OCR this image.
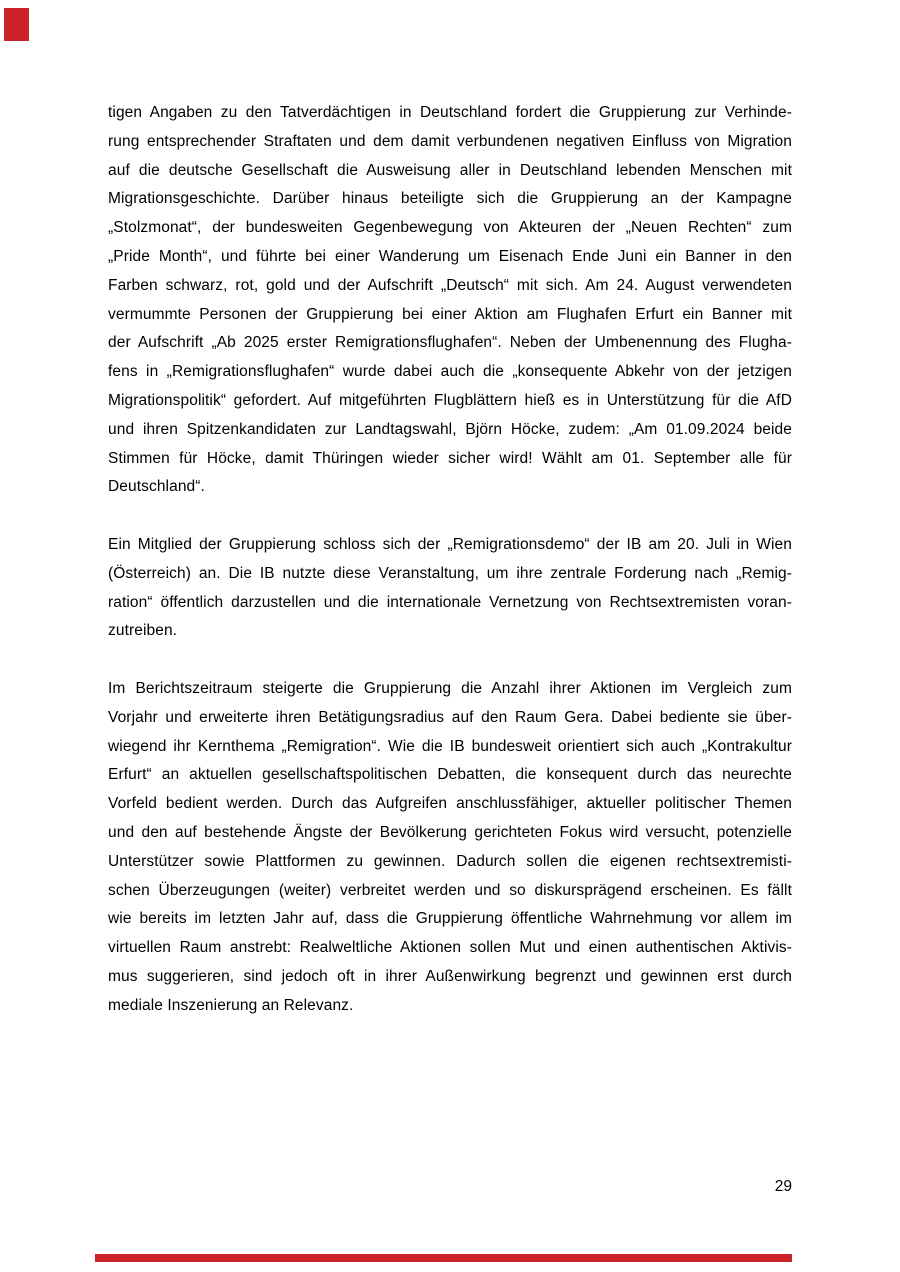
tigen Angaben zu den Tatverdächtigen in Deutschland fordert die Gruppierung zur Verhinde-
rung entsprechender Straftaten und dem damit verbundenen negativen Einfluss von Migration
auf die deutsche Gesellschaft die Ausweisung aller in Deutschland lebenden Menschen mit
Migrationsgeschichte. Darüber hinaus beteiligte sich die Gruppierung an der Kampagne
„Stolzmonat“, der bundesweiten Gegenbewegung von Akteuren der „Neuen Rechten“ zum
„Pride Month“, und führte bei einer Wanderung um Eisenach Ende Juni ein Banner in den
Farben schwarz, rot, gold und der Aufschrift „Deutsch“ mit sich. Am 24. August verwendeten
vermummte Personen der Gruppierung bei einer Aktion am Flughafen Erfurt ein Banner mit
der Aufschrift „Ab 2025 erster Remigrationsflughafen“. Neben der Umbenennung des Flugha-
fens in „Remigrationsflughafen“ wurde dabei auch die „konsequente Abkehr von der jetzigen
Migrationspolitik“ gefordert. Auf mitgeführten Flugblättern hieß es in Unterstützung für die AfD
und ihren Spitzenkandidaten zur Landtagswahl, Björn Höcke, zudem: „Am 01.09.2024 beide
Stimmen für Höcke, damit Thüringen wieder sicher wird! Wählt am 01. September alle für
Deutschland“.
Ein Mitglied der Gruppierung schloss sich der „Remigrationsdemo“ der IB am 20. Juli in Wien
(Österreich) an. Die IB nutzte diese Veranstaltung, um ihre zentrale Forderung nach „Remig-
ration“ öffentlich darzustellen und die internationale Vernetzung von Rechtsextremisten voran-
zutreiben.
Im Berichtszeitraum steigerte die Gruppierung die Anzahl ihrer Aktionen im Vergleich zum
Vorjahr und erweiterte ihren Betätigungsradius auf den Raum Gera. Dabei bediente sie über-
wiegend ihr Kernthema „Remigration“. Wie die IB bundesweit orientiert sich auch „Kontrakultur
Erfurt“ an aktuellen gesellschaftspolitischen Debatten, die konsequent durch das neurechte
Vorfeld bedient werden. Durch das Aufgreifen anschlussfähiger, aktueller politischer Themen
und den auf bestehende Ängste der Bevölkerung gerichteten Fokus wird versucht, potenzielle
Unterstützer sowie Plattformen zu gewinnen. Dadurch sollen die eigenen rechtsextremisti-
schen Überzeugungen (weiter) verbreitet werden und so diskursprägend erscheinen. Es fällt
wie bereits im letzten Jahr auf, dass die Gruppierung öffentliche Wahrnehmung vor allem im
virtuellen Raum anstrebt: Realweltliche Aktionen sollen Mut und einen authentischen Aktivis-
mus suggerieren, sind jedoch oft in ihrer Außenwirkung begrenzt und gewinnen erst durch
mediale Inszenierung an Relevanz.
29
